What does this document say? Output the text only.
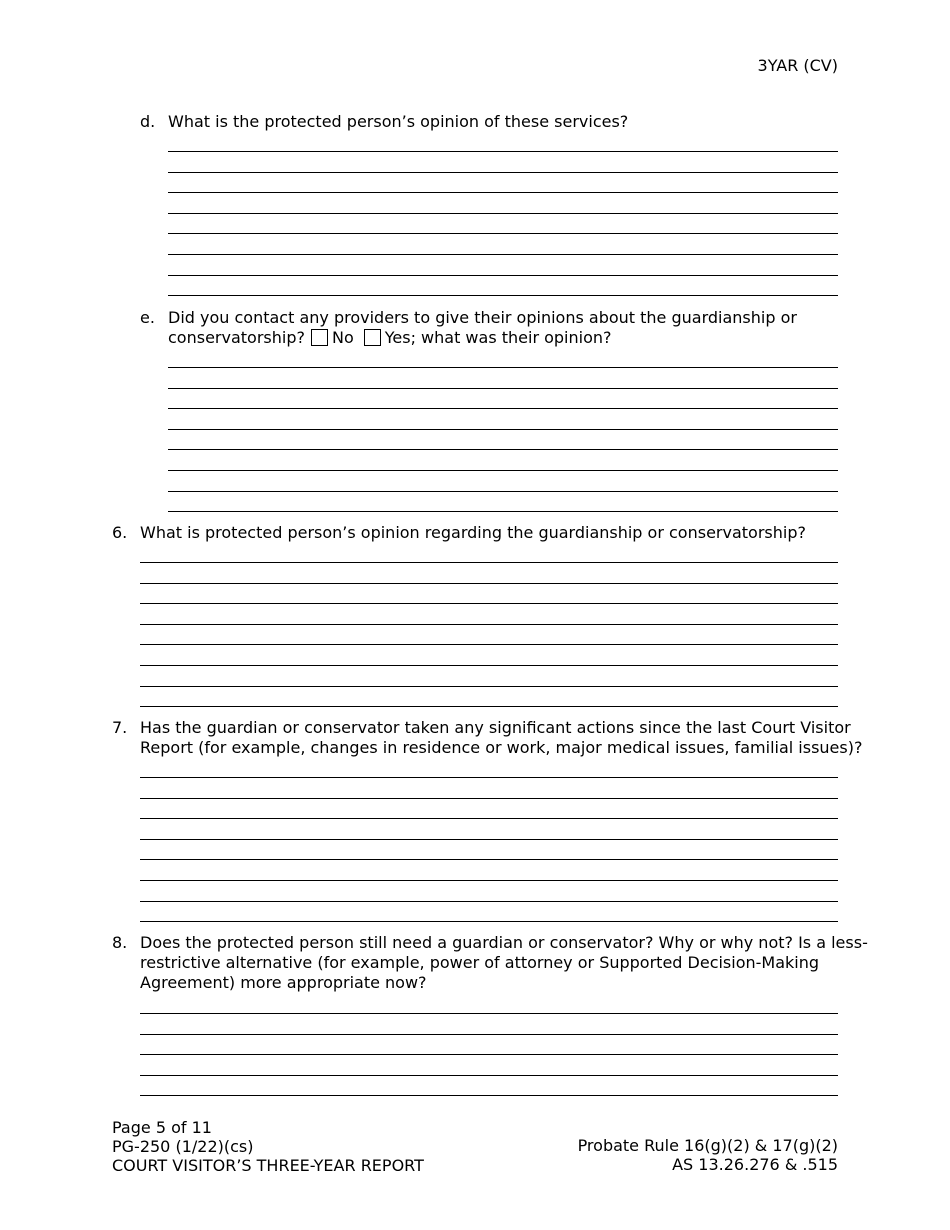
3YAR (CV)
d. What is the protected person’s opinion of these services?
e. Did you contact any providers to give their opinions about the guardianship or
conservatorship? No Yes; what was their opinion?
6. What is protected person’s opinion regarding the guardianship or conservatorship?
7. Has the guardian or conservator taken any significant actions since the last Court Visitor
Report (for example, changes in residence or work, major medical issues, familial issues)?
8. Does the protected person still need a guardian or conservator? Why or why not? Is a less-
restrictive alternative (for example, power of attorney or Supported Decision-Making
Agreement) more appropriate now?
Page 5 of 11
PG-250 (1/22)(cs)
COURT VISITOR’S THREE-YEAR REPORT
Probate Rule 16(g)(2) & 17(g)(2)
AS 13.26.276 & .515
